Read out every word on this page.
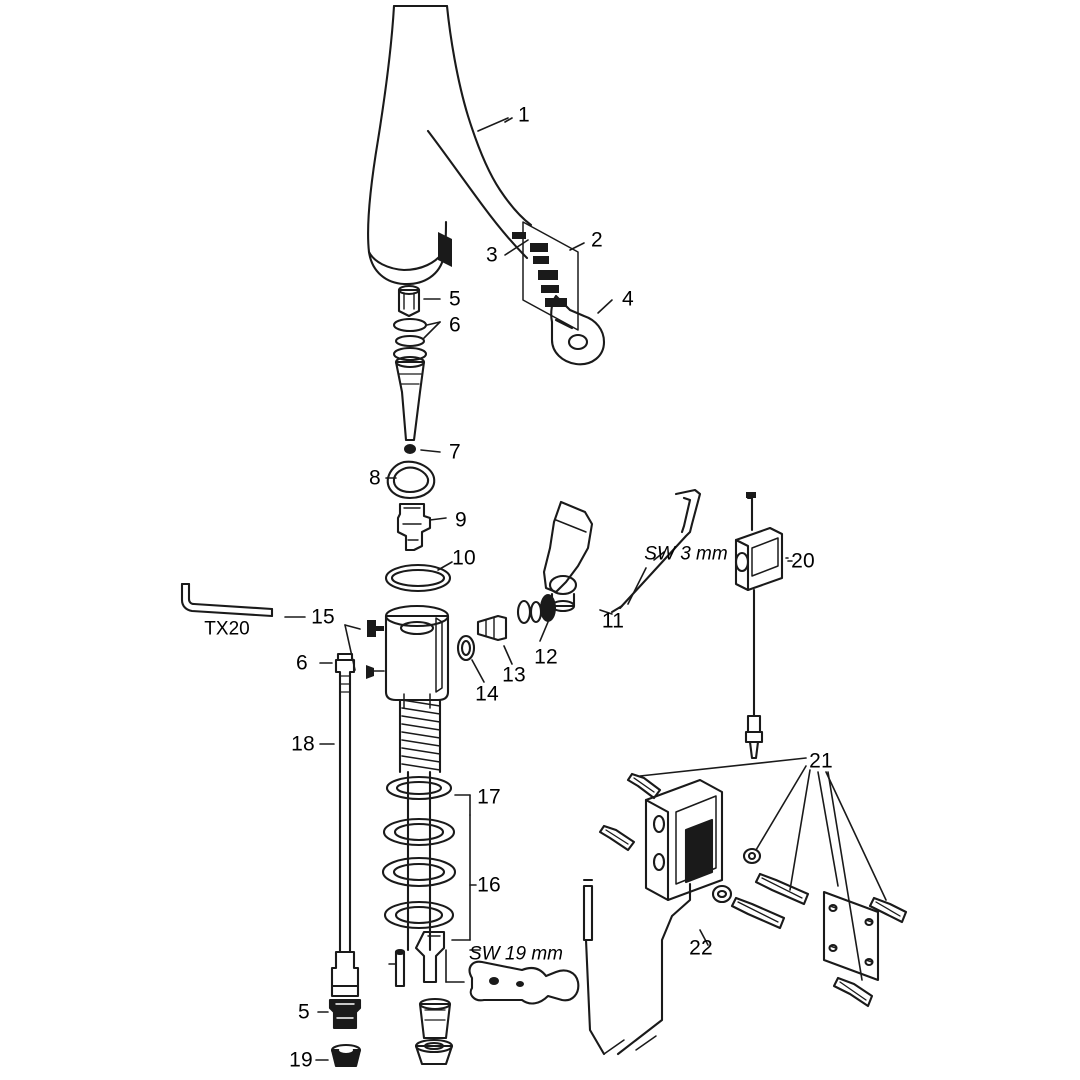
1
2
3
4
5
6
7
8
9
10
11
12
13
14
15
6
18
17
16
20
21
22
5
19
TX20
SW 3 mm
SW 19 mm
